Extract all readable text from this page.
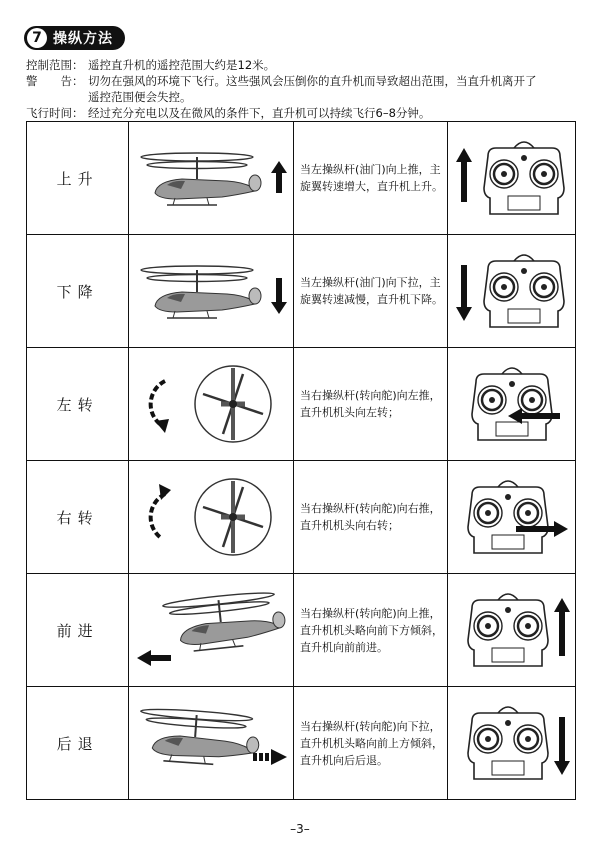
7 操纵方法
控制范围： 遥控直升机的遥控范围大约是12米。
警　　告： 切勿在强风的环境下飞行。这些强风会压倒你的直升机而导致超出范围，当直升机离开了
遥控范围便会失控。
飞行时间： 经过充分充电以及在微风的条件下，直升机可以持续飞行6–8分钟。
上升		当左操纵杆(油门)向上推，主旋翼转速增大，直升机上升。	

下降		当左操纵杆(油门)向下拉，主旋翼转速减慢，直升机下降。	

左转		当右操纵杆(转向舵)向左推，直升机机头向左转；	

右转		当右操纵杆(转向舵)向右推，直升机机头向右转；	

前进		当右操纵杆(转向舵)向上推，直升机机头略向前下方倾斜，直升机向前前进。	

后退		当右操纵杆(转向舵)向下拉，直升机机头略向前上方倾斜，直升机向后后退。	
–3–
